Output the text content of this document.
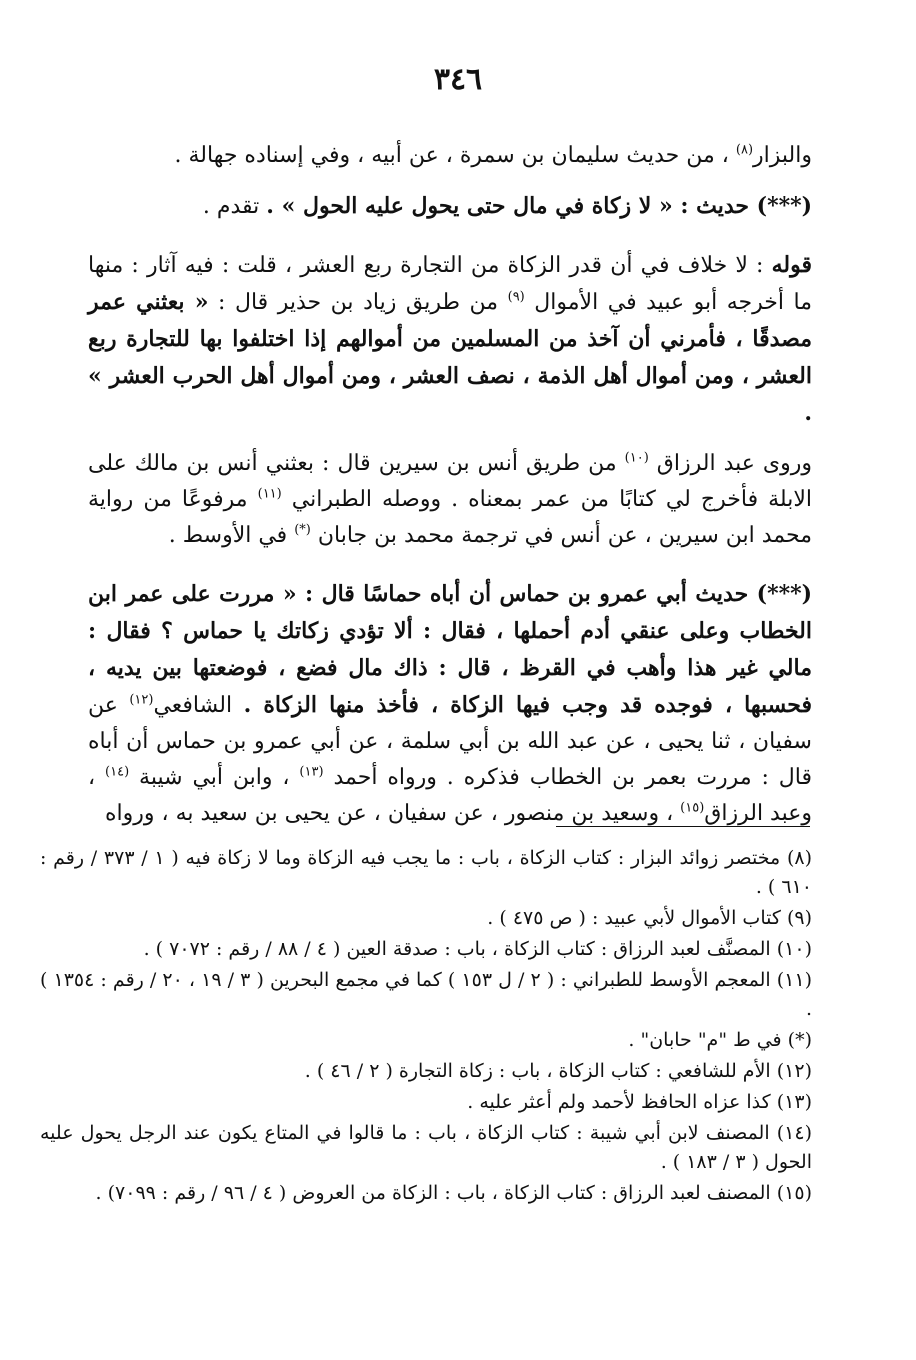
٣٤٦

والبزار$^{(٨)}$ ، من حديث سليمان بن سمرة ، عن أبيه ، وفي إسناده جهالة .

(***) حديث : « لا زكاة في مال حتى يحول عليه الحول » . تقدم .

قوله : لا خلاف في أن قدر الزكاة من التجارة ربع العشر ، قلت : فيه آثار : منها ما أخرجه أبو عبيد في الأموال $^{(٩)}$ من طريق زياد بن حذير قال : « بعثني عمر مصدقًا ، فأمرني أن آخذ من المسلمين من أموالهم إذا اختلفوا بها للتجارة ربع العشر ، ومن أموال أهل الذمة ، نصف العشر ، ومن أموال أهل الحرب العشر » .

وروى عبد الرزاق $^{(١٠)}$ من طريق أنس بن سيرين قال : بعثني أنس بن مالك على الابلة فأخرج لي كتابًا من عمر بمعناه . ووصله الطبراني $^{(١١)}$ مرفوعًا من رواية محمد ابن سيرين ، عن أنس في ترجمة محمد بن جابان (*) في الأوسط .

(***) حديث أبي عمرو بن حماس أن أباه حماسًا قال : « مررت على عمر ابن الخطاب وعلى عنقي أدم أحملها ، فقال : ألا تؤدي زكاتك يا حماس ؟ فقال : مالي غير هذا وأهب في القرظ ، قال : ذاك مال فضع ، فوضعتها بين يديه ، فحسبها ، فوجده قد وجب فيها الزكاة ، فأخذ منها الزكاة . الشافعي$^{(١٢)}$ عن سفيان ، ثنا يحيى ، عن عبد الله بن أبي سلمة ، عن أبي عمرو بن حماس أن أباه قال : مررت بعمر بن الخطاب فذكره . ورواه أحمد $^{(١٣)}$ ، وابن أبي شيبة $^{(١٤)}$ ، وعبد الرزاق$^{(١٥)}$ ، وسعيد بن منصور ، عن سفيان ، عن يحيى بن سعيد به ، ورواه

(٨) مختصر زوائد البزار : كتاب الزكاة ، باب : ما يجب فيه الزكاة وما لا زكاة فيه ( ١ / ٣٧٣ / رقم : ٦١٠ ) .
(٩) كتاب الأموال لأبي عبيد : ( ص ٤٧٥ ) .
(١٠) المصنَّف لعبد الرزاق : كتاب الزكاة ، باب : صدقة العين ( ٤ / ٨٨ / رقم : ٧٠٧٢ ) .
(١١) المعجم الأوسط للطبراني : ( ٢ / ل ١٥٣ ) كما في مجمع البحرين ( ٣ / ١٩ ، ٢٠ / رقم : ١٣٥٤ ) .
(*) في ط "م" حابان" .
(١٢) الأم للشافعي : كتاب الزكاة ، باب : زكاة التجارة ( ٢ / ٤٦ ) .
(١٣) كذا عزاه الحافظ لأحمد ولم أعثر عليه .
(١٤) المصنف لابن أبي شيبة : كتاب الزكاة ، باب : ما قالوا في المتاع يكون عند الرجل يحول عليه الحول ( ٣ / ١٨٣ ) .
(١٥) المصنف لعبد الرزاق : كتاب الزكاة ، باب : الزكاة من العروض ( ٤ / ٩٦ / رقم : ٧٠٩٩) .
